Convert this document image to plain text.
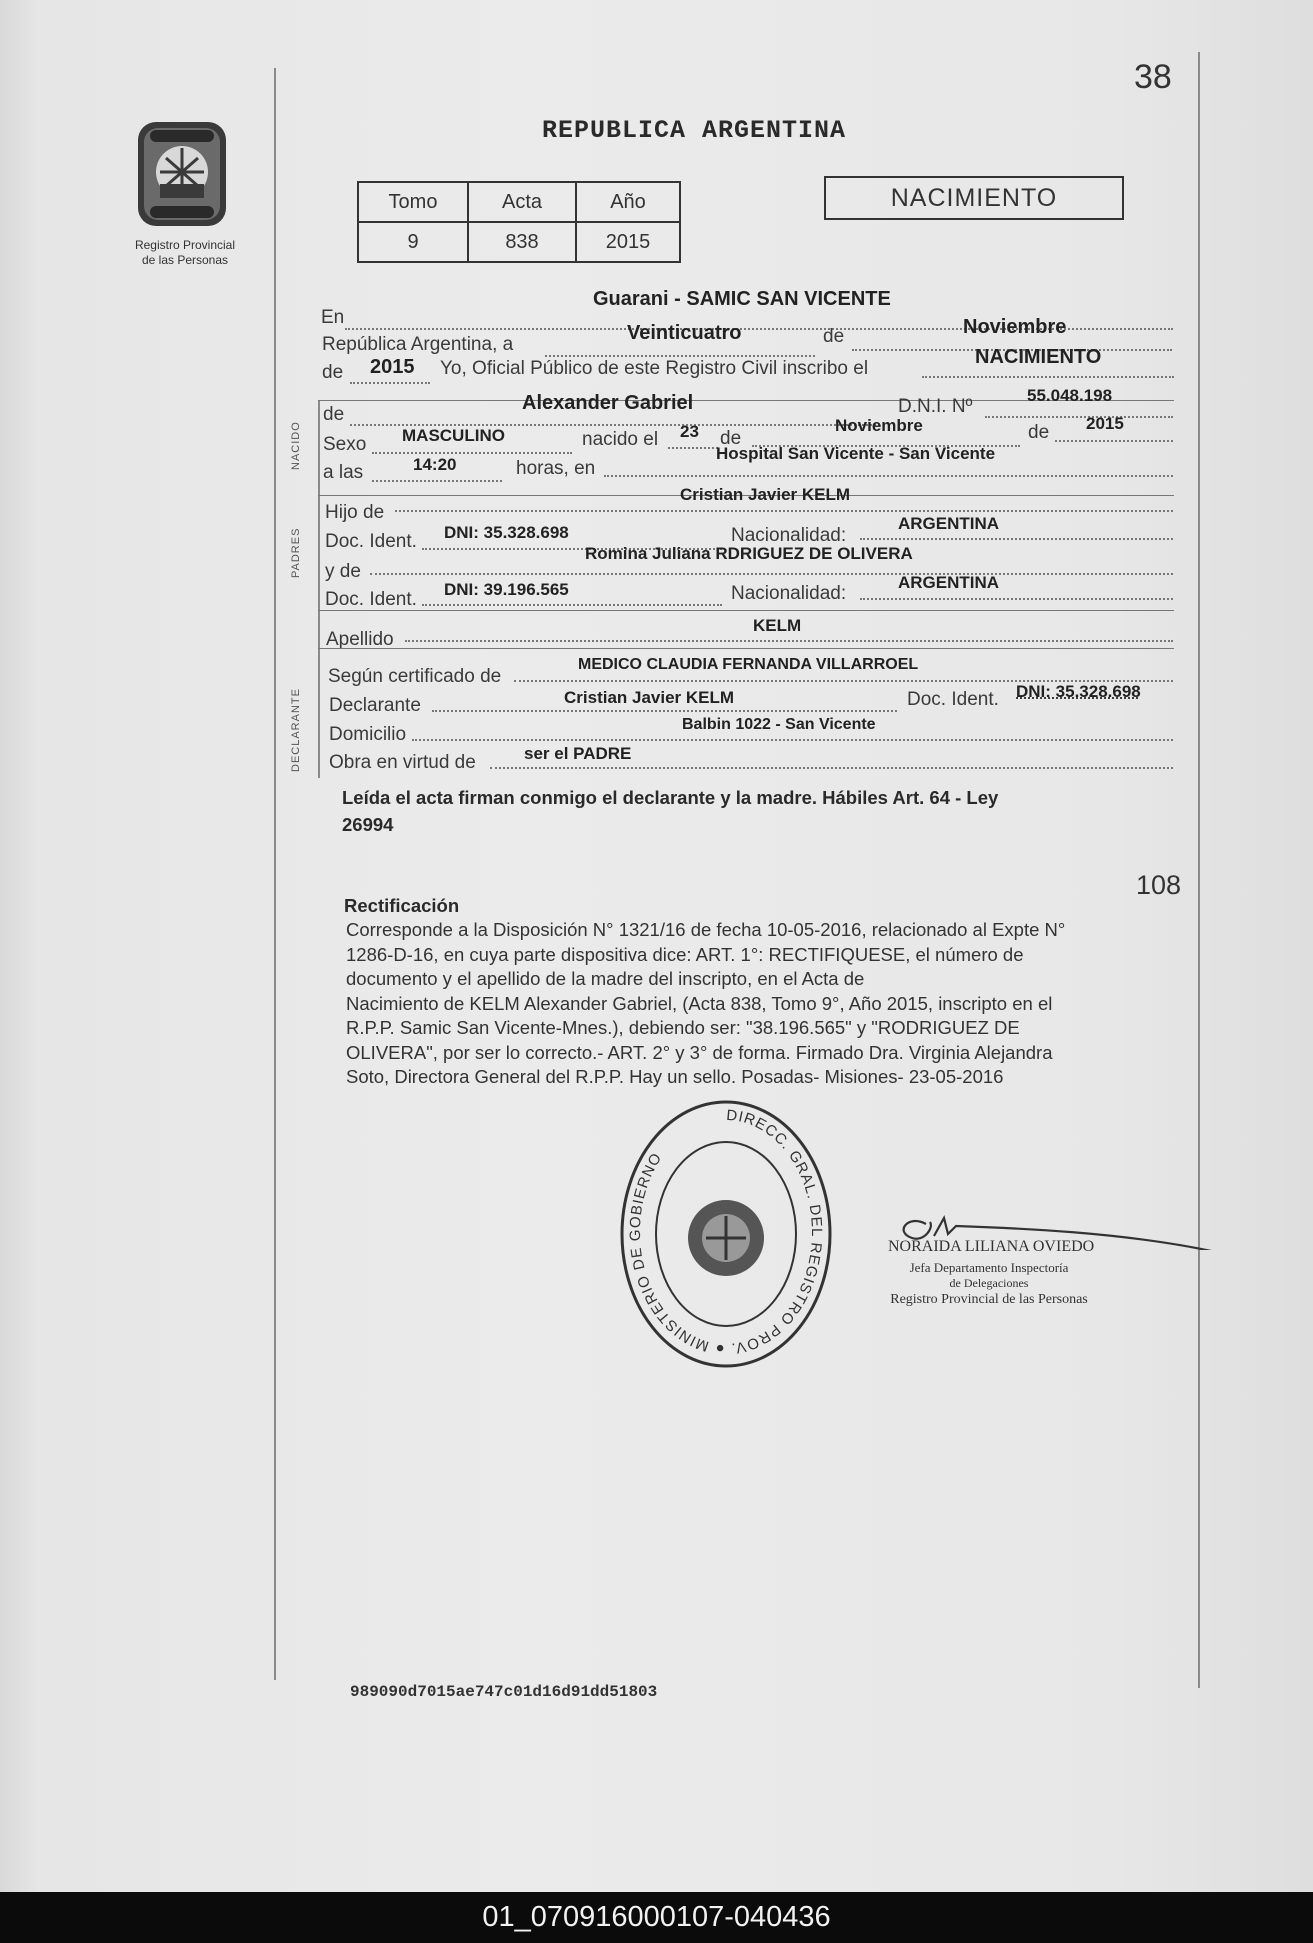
38
Registro Provincial
de las Personas
REPUBLICA ARGENTINA
Tomo	Acta	Año
9	838	2015
NACIMIENTO
En
Guarani - SAMIC SAN VICENTE
República Argentina, a
Veinticuatro	de	Noviembre
de 2015 Yo, Oficial Público de este Registro Civil inscribo el
NACIMIENTO
NACIDO
de
Alexander Gabriel	D.N.I. Nº
55.048.198
Sexo MASCULINO	nacido el 23 de
Noviembre	de 2015
a las	14:20	horas, en
Hospital San Vicente - San Vicente
PADRES
Hijo de
Cristian Javier KELM
Doc. Ident. DNI: 35.328.698	Nacionalidad:
ARGENTINA
y de
Romina Juliana RDRIGUEZ DE OLIVERA
Doc. Ident. DNI: 39.196.565	Nacionalidad:
ARGENTINA
Apellido
KELM
DECLARANTE
Según certificado de
MEDICO CLAUDIA FERNANDA VILLARROEL
Declarante	Cristian Javier KELM	Doc. Ident. DNI: 35.328.698
Domicilio	Balbin 1022 - San Vicente
Obra en virtud de	ser el PADRE
Leída el acta firman conmigo el declarante y la madre. Hábiles Art. 64 - Ley
26994
108
Rectificación
Corresponde a la Disposición N° 1321/16 de fecha 10-05-2016, relacionado al Expte N°
1286-D-16, en cuya parte dispositiva dice: ART. 1°: RECTIFIQUESE, el número de
documento y el apellido de la madre del inscripto, en el Acta de
Nacimiento de KELM Alexander Gabriel, (Acta 838, Tomo 9°, Año 2015, inscripto en el
R.P.P. Samic San Vicente-Mnes.), debiendo ser: "38.196.565" y "RODRIGUEZ DE
OLIVERA", por ser lo correcto.- ART. 2° y 3° de forma. Firmado Dra. Virginia Alejandra
Soto, Directora General del R.P.P. Hay un sello. Posadas- Misiones- 23-05-2016
DIRECC. GRAL. DEL REGISTRO PROV. ● MINISTERIO DE GOBIERNO
NORAIDA LILIANA OVIEDO
Jefa Departamento Inspectoría
de Delegaciones
Registro Provincial de las Personas
989090d7015ae747c01d16d91dd51803
01_070916000107-040436
